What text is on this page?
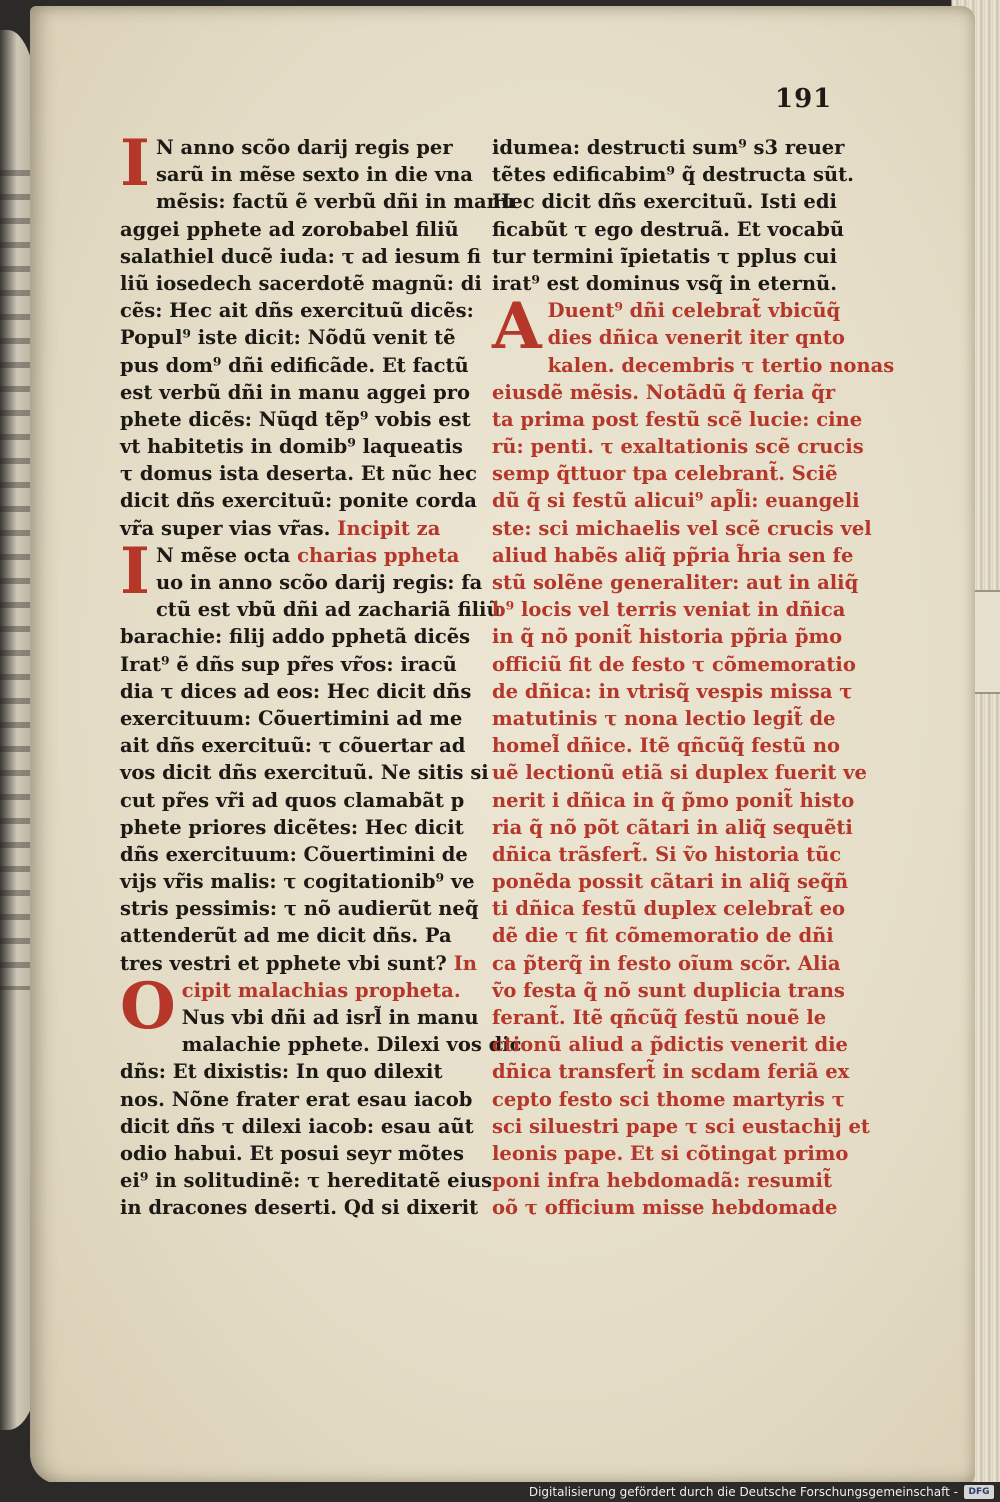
191
I N anno scõo darij regis per
sarũ in mẽse sexto in die vna
mẽsis: factũ ẽ verbũ dñi in manu
aggei pphete ad zorobabel filiũ
salathiel ducẽ iuda: τ ad iesum fi
liũ iosedech sacerdotẽ magnũ: di
cẽs: Hec ait dñs exercituũ dicẽs:
Popul⁹ iste dicit: Nõdũ venit tẽ
pus dom⁹ dñi edificãde. Et factũ
est verbũ dñi in manu aggei pro
phete dicẽs: Nũqd tẽp⁹ vobis est
vt habitetis in domib⁹ laqueatis
τ domus ista deserta. Et nũc hec
dicit dñs exercituũ: ponite corda
vr̃a super vias vr̃as. Incipit za
I N mẽse octa charias ppheta
uo in anno scõo darij regis: fa
ctũ est vbũ dñi ad zachariã filiũ
barachie: filij addo pphetã dicẽs
Irat⁹ ẽ dñs sup pr̃es vr̃os: iracũ
dia τ dices ad eos: Hec dicit dñs
exercituum: Cõuertimini ad me
ait dñs exercituũ: τ cõuertar ad
vos dicit dñs exercituũ. Ne sitis si
cut pr̃es vr̃i ad quos clamabãt p
phete priores dicẽtes: Hec dicit
dñs exercituum: Cõuertimini de
vijs vr̃is malis: τ cogitationib⁹ ve
stris pessimis: τ nõ audierũt neq̃
attenderũt ad me dicit dñs. Pa
tres vestri et pphete vbi sunt? In
Ocipit malachias propheta.
Nus vbi dñi ad isrl̃ in manu
malachie pphete. Dilexi vos dic
dñs: Et dixistis: In quo dilexit
nos. Nõne frater erat esau iacob
dicit dñs τ dilexi iacob: esau aũt
odio habui. Et posui seyr mõtes
ei⁹ in solitudinẽ: τ hereditatẽ eius
in dracones deserti. Qd si dixerit
idumea: destructi sum⁹ s3 reuer
tẽtes edificabim⁹ q̃ destructa sũt.
Hec dicit dñs exercituũ. Isti edi
ficabũt τ ego destruã. Et vocabũ
tur termini ĩpietatis τ pplus cui
irat⁹ est dominus vsq̃ in eternũ.
A Duent⁹ dñi celebrat̃ vbicũq̃
dies dñica venerit iter qnto
kalen. decembris τ tertio nonas
eiusdẽ mẽsis. Notãdũ q̃ feria q̃r
ta prima post festũ scẽ lucie: cine
rũ: penti. τ exaltationis scẽ crucis
semp q̃ttuor tpa celebrant̃. Sciẽ
dũ q̃ si festũ alicui⁹ apl̃i: euangeli
ste: sci michaelis vel scẽ crucis vel
aliud habẽs aliq̃ pp̃ria h̃ria sen fe
stũ solẽne generaliter: aut in aliq̃
b⁹ locis vel terris veniat in dñica
in q̃ nõ ponit̃ historia pp̃ria p̃mo
officiũ fit de festo τ cõmemoratio
de dñica: in vtrisq̃ vespis missa τ
matutinis τ nona lectio legit̃ de
homel̃ dñice. Itẽ qñcũq̃ festũ no
uẽ lectionũ etiã si duplex fuerit ve
nerit i dñica in q̃ p̃mo ponit̃ histo
ria q̃ nõ põt cãtari in aliq̃ sequẽti
dñica trãsfert̃. Si ṽo historia tũc
ponẽda possit cãtari in aliq̃ seq̃ñ
ti dñica festũ duplex celebrat̃ eo
dẽ die τ fit cõmemoratio de dñi
ca p̃terq̃ in festo oĩum scõr. Alia
ṽo festa q̃ nõ sunt duplicia trans
ferant̃. Itẽ qñcũq̃ festũ nouẽ le
ctionũ aliud a p̃dictis venerit die
dñica transfert̃ in scdam feriã ex
cepto festo sci thome martyris τ
sci siluestri pape τ sci eustachij et
leonis pape. Et si cõtingat primo
poni infra hebdomadã: resumit̃
oõ τ officium misse hebdomade
Digitalisierung gefördert durch die Deutsche Forschungsgemeinschaft -	DFG
